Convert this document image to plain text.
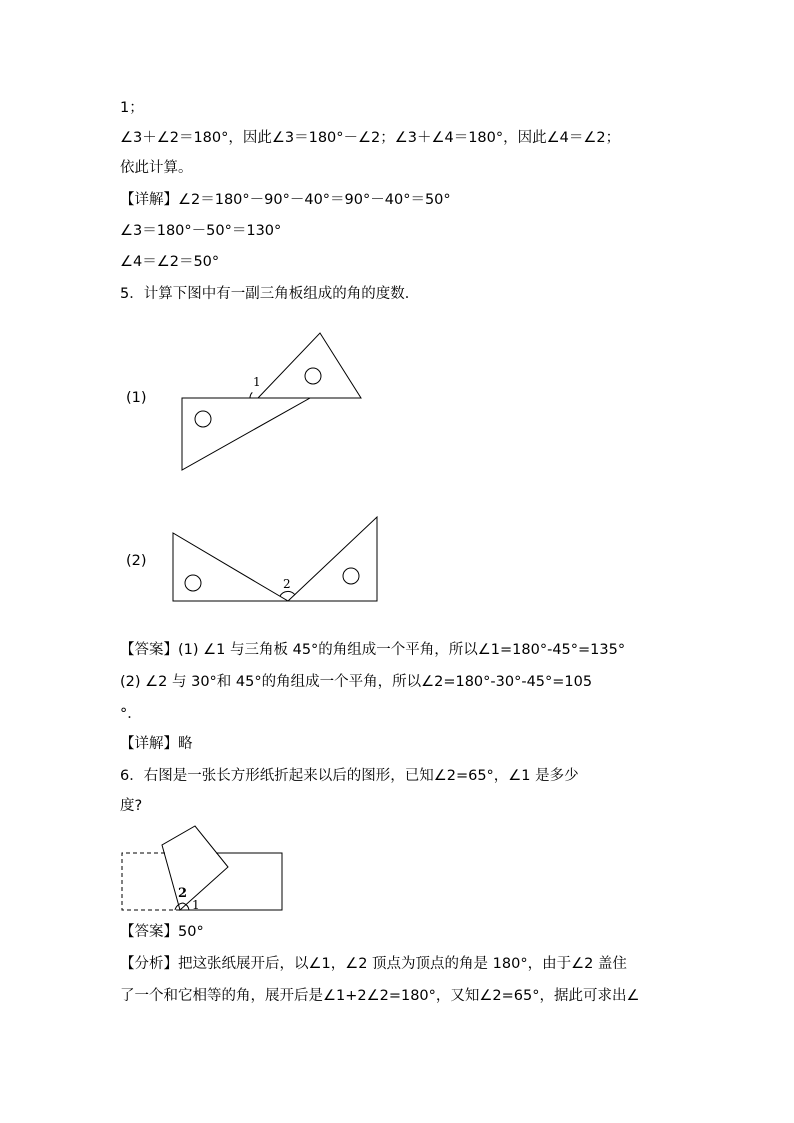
1；
∠3＋∠2＝180°，因此∠3＝180°－∠2；∠3＋∠4＝180°，因此∠4＝∠2；
依此计算。
【详解】∠2＝180°－90°－40°＝90°－40°＝50°
∠3＝180°－50°＝130°
∠4＝∠2＝50°
5．计算下图中有一副三角板组成的角的度数．
(1)
1
(2)
2
【答案】(1) ∠1 与三角板 45°的角组成一个平角，所以∠1=180°-45°=135°
(2) ∠2 与 30°和 45°的角组成一个平角，所以∠2=180°-30°-45°=105
°．
【详解】略
6．右图是一张长方形纸折起来以后的图形，已知∠2=65°，∠1 是多少
度?
2
1
【答案】50°
【分析】把这张纸展开后，以∠1，∠2 顶点为顶点的角是 180°，由于∠2 盖住
了一个和它相等的角，展开后是∠1+2∠2=180°，又知∠2=65°，据此可求出∠
